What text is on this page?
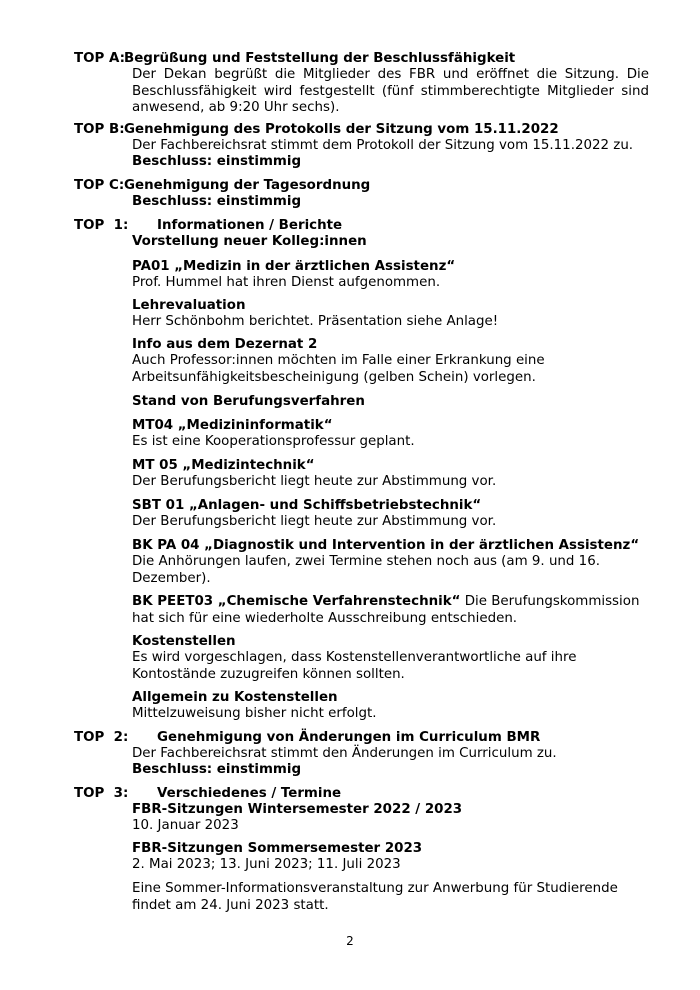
TOP A: Begrüßung und Feststellung der Beschlussfähigkeit
Der Dekan begrüßt die Mitglieder des FBR und eröffnet die Sitzung. Die Beschlussfähigkeit wird festgestellt (fünf stimmberechtigte Mitglieder sind anwesend, ab 9:20 Uhr sechs).
TOP B: Genehmigung des Protokolls der Sitzung vom 15.11.2022
Der Fachbereichsrat stimmt dem Protokoll der Sitzung vom 15.11.2022 zu.
Beschluss: einstimmig
TOP C: Genehmigung der Tagesordnung
Beschluss: einstimmig
TOP  1: Informationen / Berichte
Vorstellung neuer Kolleg:innen
PA01 „Medizin in der ärztlichen Assistenz“
Prof. Hummel hat ihren Dienst aufgenommen.
Lehrevaluation
Herr Schönbohm berichtet. Präsentation siehe Anlage!
Info aus dem Dezernat 2
Auch Professor:innen möchten im Falle einer Erkrankung eine Arbeitsunfähigkeitsbescheinigung (gelben Schein) vorlegen.
Stand von Berufungsverfahren
MT04 „Medizininformatik“
Es ist eine Kooperationsprofessur geplant.
MT 05 „Medizintechnik“
Der Berufungsbericht liegt heute zur Abstimmung vor.
SBT 01 „Anlagen- und Schiffsbetriebstechnik“
Der Berufungsbericht liegt heute zur Abstimmung vor.
BK PA 04 „Diagnostik und Intervention in der ärztlichen Assistenz“
Die Anhörungen laufen, zwei Termine stehen noch aus (am 9. und 16. Dezember).
BK PEET03 „Chemische Verfahrenstechnik“ Die Berufungskommission hat sich für eine wiederholte Ausschreibung entschieden.
Kostenstellen
Es wird vorgeschlagen, dass Kostenstellenverantwortliche auf ihre Kontostände zuzugreifen können sollten.
Allgemein zu Kostenstellen
Mittelzuweisung bisher nicht erfolgt.
TOP  2: Genehmigung von Änderungen im Curriculum BMR
Der Fachbereichsrat stimmt den Änderungen im Curriculum zu.
Beschluss: einstimmig
TOP  3: Verschiedenes / Termine
FBR-Sitzungen Wintersemester 2022 / 2023
10. Januar 2023
FBR-Sitzungen Sommersemester 2023
2. Mai 2023; 13. Juni 2023; 11. Juli 2023
Eine Sommer-Informationsveranstaltung zur Anwerbung für Studierende findet am 24. Juni 2023 statt.
2
